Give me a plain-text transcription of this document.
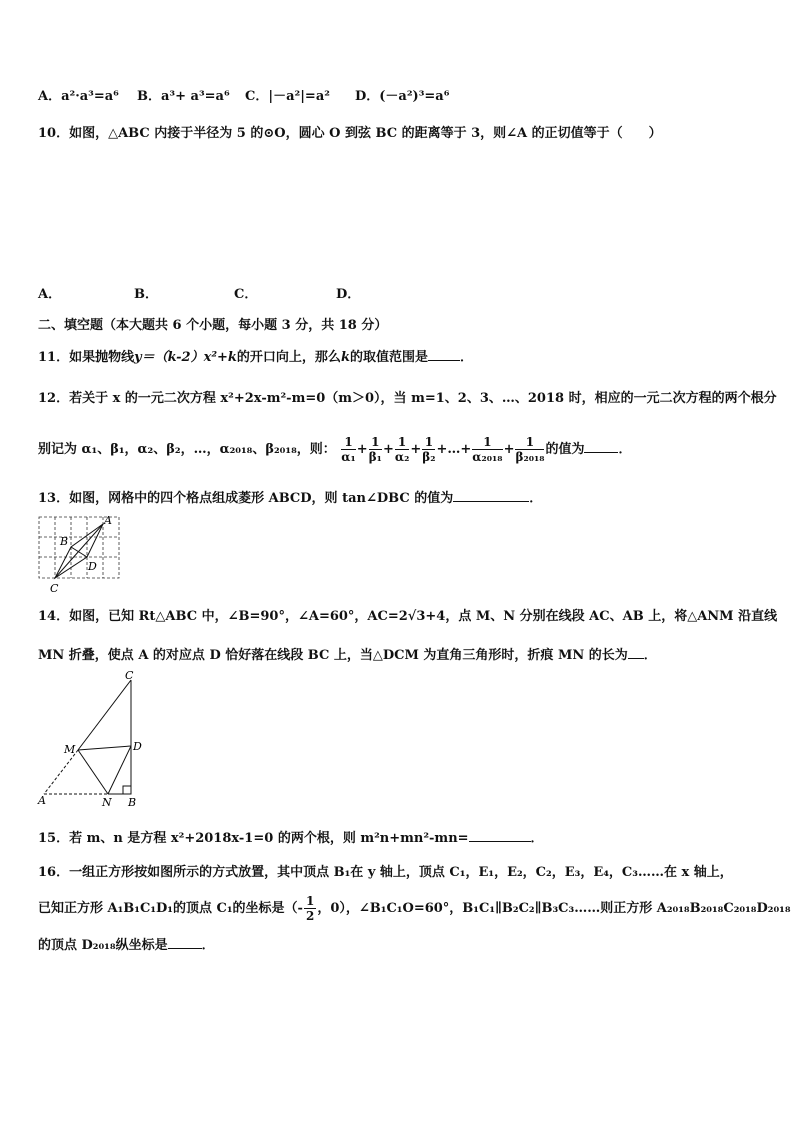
A．a²·a³=a⁶ B．a³+ a³=a⁶ C．|－a²|=a² D．(－a²)³=a⁶
10．如图，△ABC 内接于半径为 5 的⊙O，圆心 O 到弦 BC 的距离等于 3，则∠A 的正切值等于（　　）
A．	B．	C．	D．
二、填空题（本大题共 6 个小题，每小题 3 分，共 18 分）
11．如果抛物线y＝（k-2）x²+k的开口向上，那么k的取值范围是 ．
12．若关于 x 的一元二次方程 x²+2x-m²-m=0（m＞0），当 m=1、2、3、…、2018 时，相应的一元二次方程的两个根分
别记为 α₁、β₁，α₂、β₂，…，α₂₀₁₈、β₂₀₁₈，则： $\frac{1}{\text{α₁}} + \frac{1}{\text{β₁}} + \frac{1}{\text{α₂}} + \frac{1}{\text{β₂}}$ +…+ $\frac{1}{\text{α₂₀₁₈}} + \frac{1}{\text{β₂₀₁₈}}$ 的值为	．
13．如图，网格中的四个格点组成菱形 ABCD，则 tan∠DBC 的值为	．
A
B
D
C
14．如图，已知 Rt△ABC 中，∠B=90°，∠A=60°，AC=2√3+4，点 M、N 分别在线段 AC、AB 上，将△ANM 沿直线
MN 折叠，使点 A 的对应点 D 恰好落在线段 BC 上，当△DCM 为直角三角形时，折痕 MN 的长为 ．
C
M	D
A	N B
15．若 m、n 是方程 x²+2018x-1=0 的两个根，则 m²n+mn²-mn=	．
16．一组正方形按如图所示的方式放置，其中顶点 B₁在 y 轴上，顶点 C₁，E₁，E₂，C₂，E₃，E₄，C₃……在 x 轴上，
已知正方形 A₁B₁C₁D₁的顶点 C₁的坐标是（- $\frac{1}{2}$ ，0），∠B₁C₁O=60°，B₁C₁∥B₂C₂∥B₃C₃……则正方形 A₂₀₁₈B₂₀₁₈C₂₀₁₈D₂₀₁₈
的顶点 D₂₀₁₈纵坐标是	．
